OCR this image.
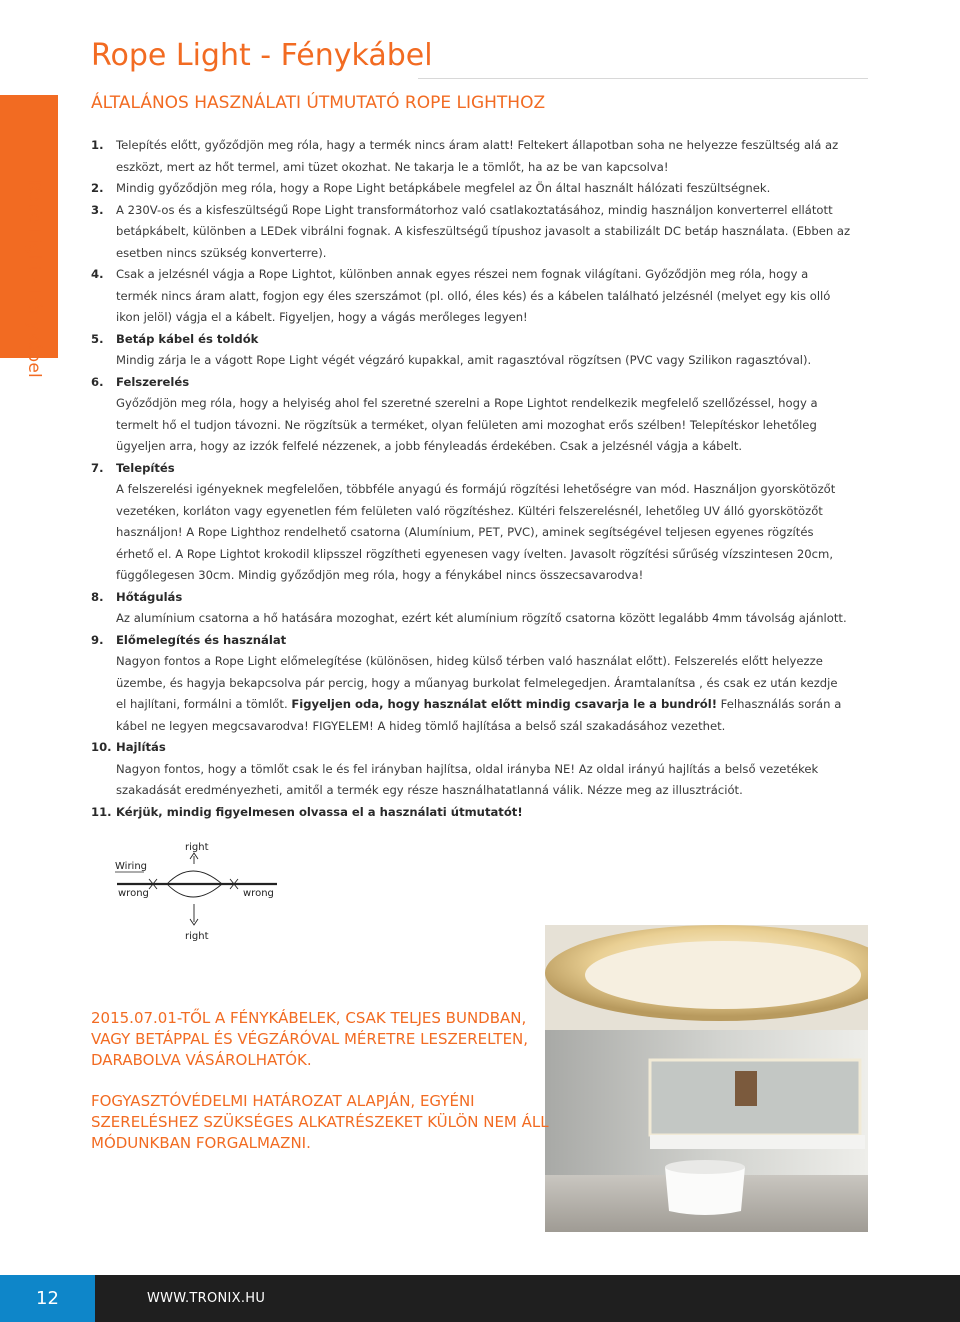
Rope Light - Fénykábel
Rope Light - Fénykábel
ÁLTALÁNOS HASZNÁLATI ÚTMUTATÓ ROPE LIGHTHOZ
1. Telepítés előtt, győződjön meg róla, hagy a termék nincs áram alatt! Feltekert állapotban soha ne helyezze feszültség alá az eszközt, mert az hőt termel, ami tüzet okozhat. Ne takarja le a tömlőt, ha az be van kapcsolva!
2. Mindig győződjön meg róla, hogy a Rope Light betápkábele megfelel az Ön által használt hálózati feszültségnek.
3. A 230V-os és a kisfeszültségű Rope Light transformátorhoz való csatlakoztatásához, mindig használjon konverterrel ellátott betápkábelt, különben a LEDek vibrálni fognak. A kisfeszültségű típushoz javasolt a stabilizált DC betáp használata. (Ebben az esetben nincs szükség konverterre).
4. Csak a jelzésnél vágja a Rope Lightot, különben annak egyes részei nem fognak világítani. Győződjön meg róla, hogy a termék nincs áram alatt, fogjon egy éles szerszámot (pl. olló, éles kés) és a kábelen található jelzésnél (melyet egy kis olló ikon jelöl) vágja el a kábelt. Figyeljen, hogy a vágás merőleges legyen!
5. Betáp kábel és toldók
Mindig zárja le a vágott Rope Light végét végzáró kupakkal, amit ragasztóval rögzítsen (PVC vagy Szilikon ragasztóval).
6. Felszerelés
Győződjön meg róla, hogy a helyiség ahol fel szeretné szerelni a Rope Lightot rendelkezik megfelelő szellőzéssel, hogy a termelt hő el tudjon távozni. Ne rögzítsük a terméket, olyan felületen ami mozoghat erős szélben! Telepítéskor lehetőleg ügyeljen arra, hogy az izzók felfelé nézzenek, a jobb fényleadás érdekében. Csak a jelzésnél vágja a kábelt.
7. Telepítés
A felszerelési igényeknek megfelelően, többféle anyagú és formájú rögzítési lehetőségre van mód. Használjon gyorskötözőt vezetéken, korláton vagy egyenetlen fém felületen való rögzítéshez. Kültéri felszerelésnél, lehetőleg UV álló gyorskötözőt használjon! A Rope Lighthoz rendelhető csatorna (Alumínium, PET, PVC), aminek segítségével teljesen egyenes rögzítés érhető el. A Rope Lightot krokodil klipsszel rögzítheti egyenesen vagy ívelten. Javasolt rögzítési sűrűség vízszintesen 20cm, függőlegesen 30cm. Mindig győződjön meg róla, hogy a fénykábel nincs összecsavarodva!
8. Hőtágulás
Az alumínium csatorna a hő hatására mozoghat, ezért két alumínium rögzítő csatorna között legalább 4mm távolság ajánlott.
9. Előmelegítés és használat
Nagyon fontos a Rope Light előmelegítése (különösen, hideg külső térben való használat előtt). Felszerelés előtt helyezze üzembe, és hagyja bekapcsolva pár percig, hogy a műanyag burkolat felmelegedjen. Áramtalanítsa , és csak ez után kezdje el hajlítani, formálni a tömlőt. Figyeljen oda, hogy használat előtt mindig csavarja le a bundról! Felhasználás során a kábel ne legyen megcsavarodva! FIGYELEM! A hideg tömlő hajlítása a belső szál szakadásához vezethet.
10. Hajlítás
Nagyon fontos, hogy a tömlőt csak le és fel irányban hajlítsa, oldal irányba NE! Az oldal irányú hajlítás a belső vezetékek szakadását eredményezheti, amitől a termék egy része használhatatlanná válik. Nézze meg az illusztrációt.
11. Kérjük, mindig figyelmesen olvassa el a használati útmutatót!
Wiring
right
right
wrong	wrong

2015.07.01-TŐL A FÉNYKÁBELEK, CSAK TELJES BUNDBAN, VAGY BETÁPPAL ÉS VÉGZÁRÓVAL MÉRETRE LESZERELTEN, DARABOLVA VÁSÁROLHATÓK.

FOGYASZTÓVÉDELMI HATÁROZAT ALAPJÁN, EGYÉNI SZERELÉSHEZ SZÜKSÉGES ALKATRÉSZEKET KÜLÖN NEM ÁLL MÓDUNKBAN FORGALMAZNI.

12	WWW.TRONIX.HU
